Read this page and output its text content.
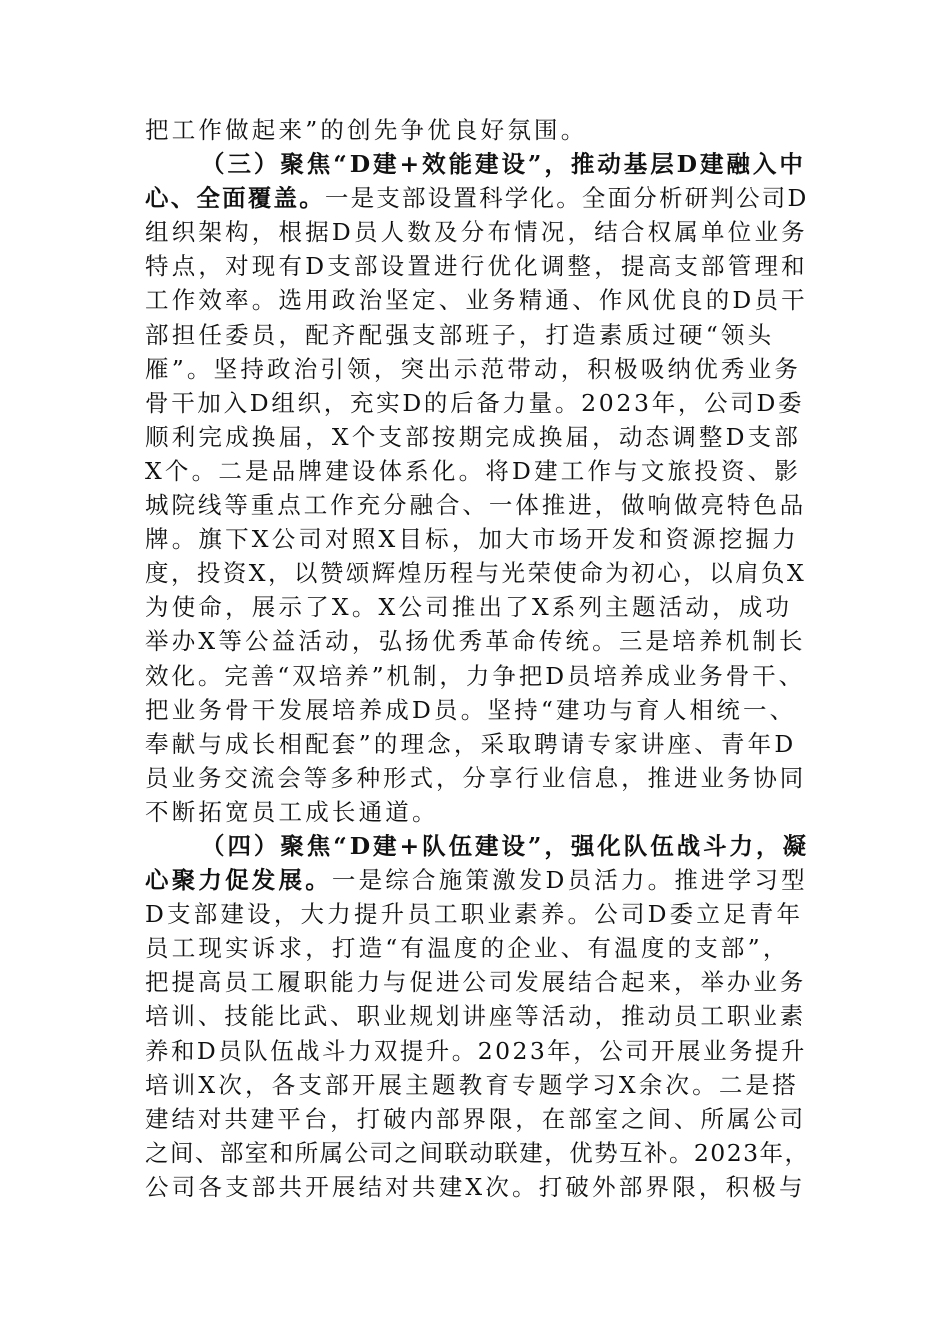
把工作做起来”的创先争优良好氛围。
（三）聚焦“D建+效能建设”，推动基层D建融入中
心、全面覆盖。一是支部设置科学化。全面分析研判公司D
组织架构，根据D员人数及分布情况，结合权属单位业务
特点，对现有D支部设置进行优化调整，提高支部管理和
工作效率。选用政治坚定、业务精通、作风优良的D员干
部担任委员，配齐配强支部班子，打造素质过硬“领头
雁”。坚持政治引领，突出示范带动，积极吸纳优秀业务
骨干加入D组织，充实D的后备力量。2023年，公司D委
顺利完成换届，X个支部按期完成换届，动态调整D支部
X个。二是品牌建设体系化。将D建工作与文旅投资、影
城院线等重点工作充分融合、一体推进，做响做亮特色品
牌。旗下X公司对照X目标，加大市场开发和资源挖掘力
度，投资X，以赞颂辉煌历程与光荣使命为初心，以肩负X
为使命，展示了X。X公司推出了X系列主题活动，成功
举办X等公益活动，弘扬优秀革命传统。三是培养机制长
效化。完善“双培养”机制，力争把D员培养成业务骨干、
把业务骨干发展培养成D员。坚持“建功与育人相统一、
奉献与成长相配套”的理念，采取聘请专家讲座、青年D
员业务交流会等多种形式，分享行业信息，推进业务协同
不断拓宽员工成长通道。
（四）聚焦“D建+队伍建设”，强化队伍战斗力，凝
心聚力促发展。一是综合施策激发D员活力。推进学习型
D支部建设，大力提升员工职业素养。公司D委立足青年
员工现实诉求，打造“有温度的企业、有温度的支部”，
把提高员工履职能力与促进公司发展结合起来，举办业务
培训、技能比武、职业规划讲座等活动，推动员工职业素
养和D员队伍战斗力双提升。2023年，公司开展业务提升
培训X次，各支部开展主题教育专题学习X余次。二是搭
建结对共建平台，打破内部界限，在部室之间、所属公司
之间、部室和所属公司之间联动联建，优势互补。2023年，
公司各支部共开展结对共建X次。打破外部界限，积极与
